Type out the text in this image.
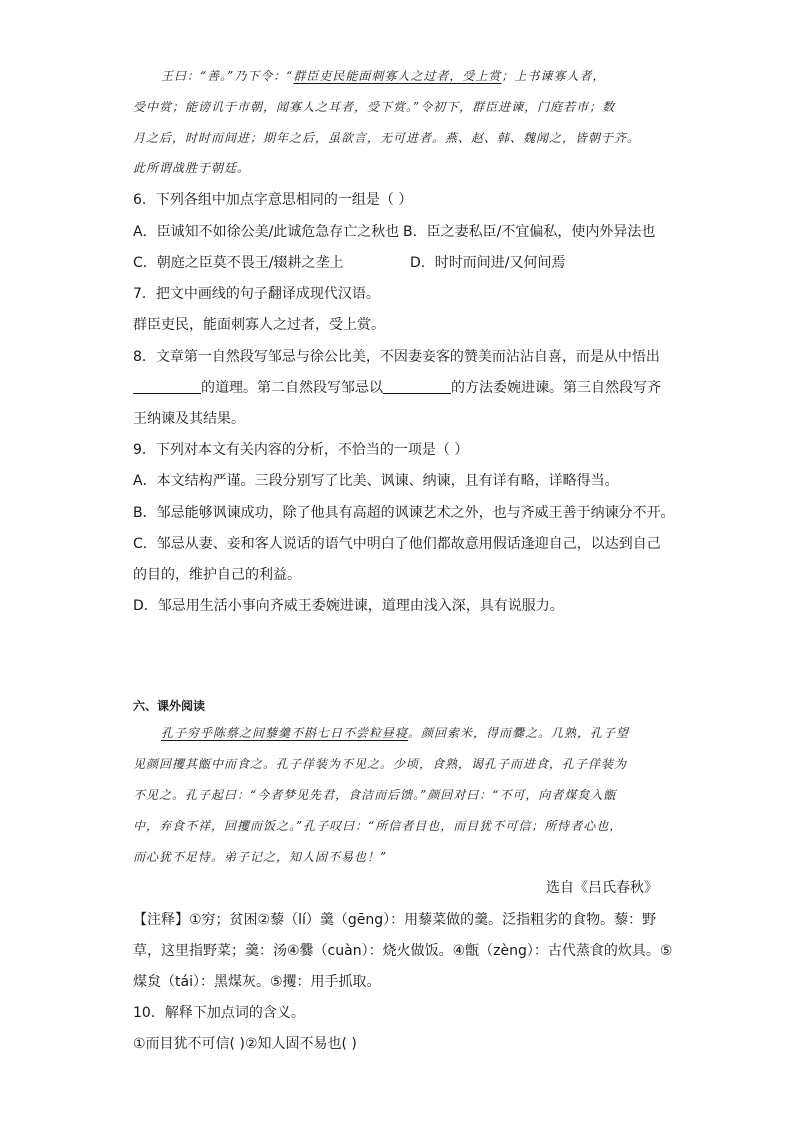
王曰：“善。”乃下令：“群臣吏民能面刺寡人之过者，受上赏；上书谏寡人者，
受中赏；能谤讥于市朝，闻寡人之耳者，受下赏。”令初下，群臣进谏，门庭若市；数
月之后，时时而间进；期年之后，虽欲言，无可进者。燕、赵、韩、魏闻之，皆朝于齐。
此所谓战胜于朝廷。
6．下列各组中加点字意思相同的一组是（ ）
A．臣诚知不如徐公美/此诚危急存亡之秋也 B．臣之妻私臣/不宜偏私，使内外异法也
C．朝庭之臣莫不畏王/辍耕之垄上	D．时时而间进/又何间焉
7．把文中画线的句子翻译成现代汉语。
群臣吏民，能面刺寡人之过者，受上赏。
8．文章第一自然段写邹忌与徐公比美，不因妻妾客的赞美而沾沾自喜，而是从中悟出
的道理。第二自然段写邹忌以	的方法委婉进谏。第三自然段写齐
王纳谏及其结果。
9．下列对本文有关内容的分析，不恰当的一项是（ ）
A．本文结构严谨。三段分别写了比美、讽谏、纳谏，且有详有略，详略得当。
B．邹忌能够讽谏成功，除了他具有高超的讽谏艺术之外，也与齐威王善于纳谏分不开。
C．邹忌从妻、妾和客人说话的语气中明白了他们都故意用假话逢迎自己，以达到自己
的目的，维护自己的利益。
D．邹忌用生活小事向齐威王委婉进谏，道理由浅入深，具有说服力。
六、课外阅读
孔子穷乎陈蔡之间藜羹不斟七日不尝粒昼寝。颜回索米，得而爨之。几熟，孔子望
见颜回攫其甑中而食之。孔子佯装为不见之。少顷，食熟，谒孔子而进食，孔子佯装为
不见之。孔子起曰：“今者梦见先君，食洁而后馈。”颜回对曰：“不可，向者煤炱入甑
中，弃食不祥，回攫而饭之。”孔子叹曰：“所信者目也，而目犹不可信；所恃者心也，
而心犹不足恃。弟子记之，知人固不易也！”
选自《吕氏春秋》
【注释】①穷；贫困②藜（lí）羹（gēng）：用藜菜做的羹。泛指粗劣的食物。藜：野
草，这里指野菜；羹：汤④爨（cuàn）：烧火做饭。④甑（zèng）：古代蒸食的炊具。⑤
煤炱（tái）：黑煤灰。⑤攫：用手抓取。
10．解释下加点词的含义。
①而目犹不可信( )②知人固不易也( )
